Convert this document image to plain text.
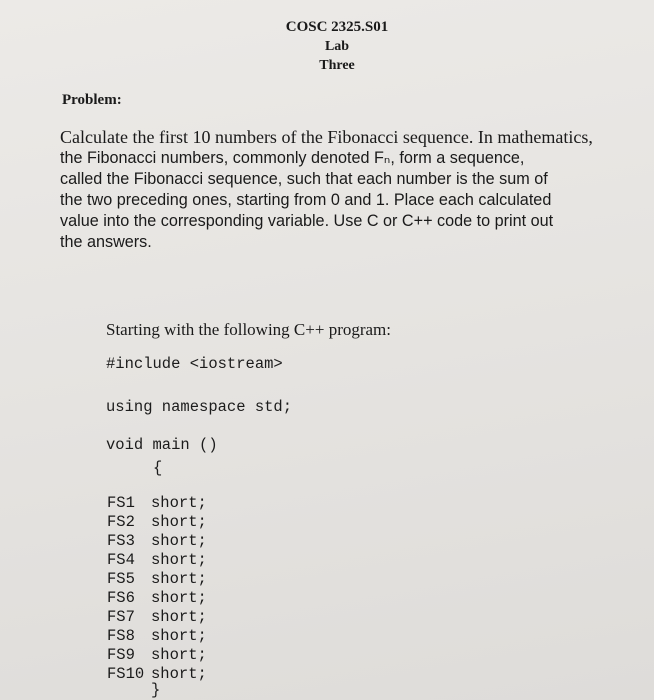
COSC 2325.S01
Lab
Three
Problem:
Calculate the first 10 numbers of the Fibonacci sequence. In mathematics,
the Fibonacci numbers, commonly denoted Fₙ, form a sequence,
called the Fibonacci sequence, such that each number is the sum of
the two preceding ones, starting from 0 and 1. Place each calculated
value into the corresponding variable. Use C or C++ code to print out
the answers.
Starting with the following C++ program:
#include <iostream>
using namespace std;
void main ()
{
FS1 short;
FS2 short;
FS3 short;
FS4 short;
FS5 short;
FS6 short;
FS7 short;
FS8 short;
FS9 short;
FS10 short;
}
